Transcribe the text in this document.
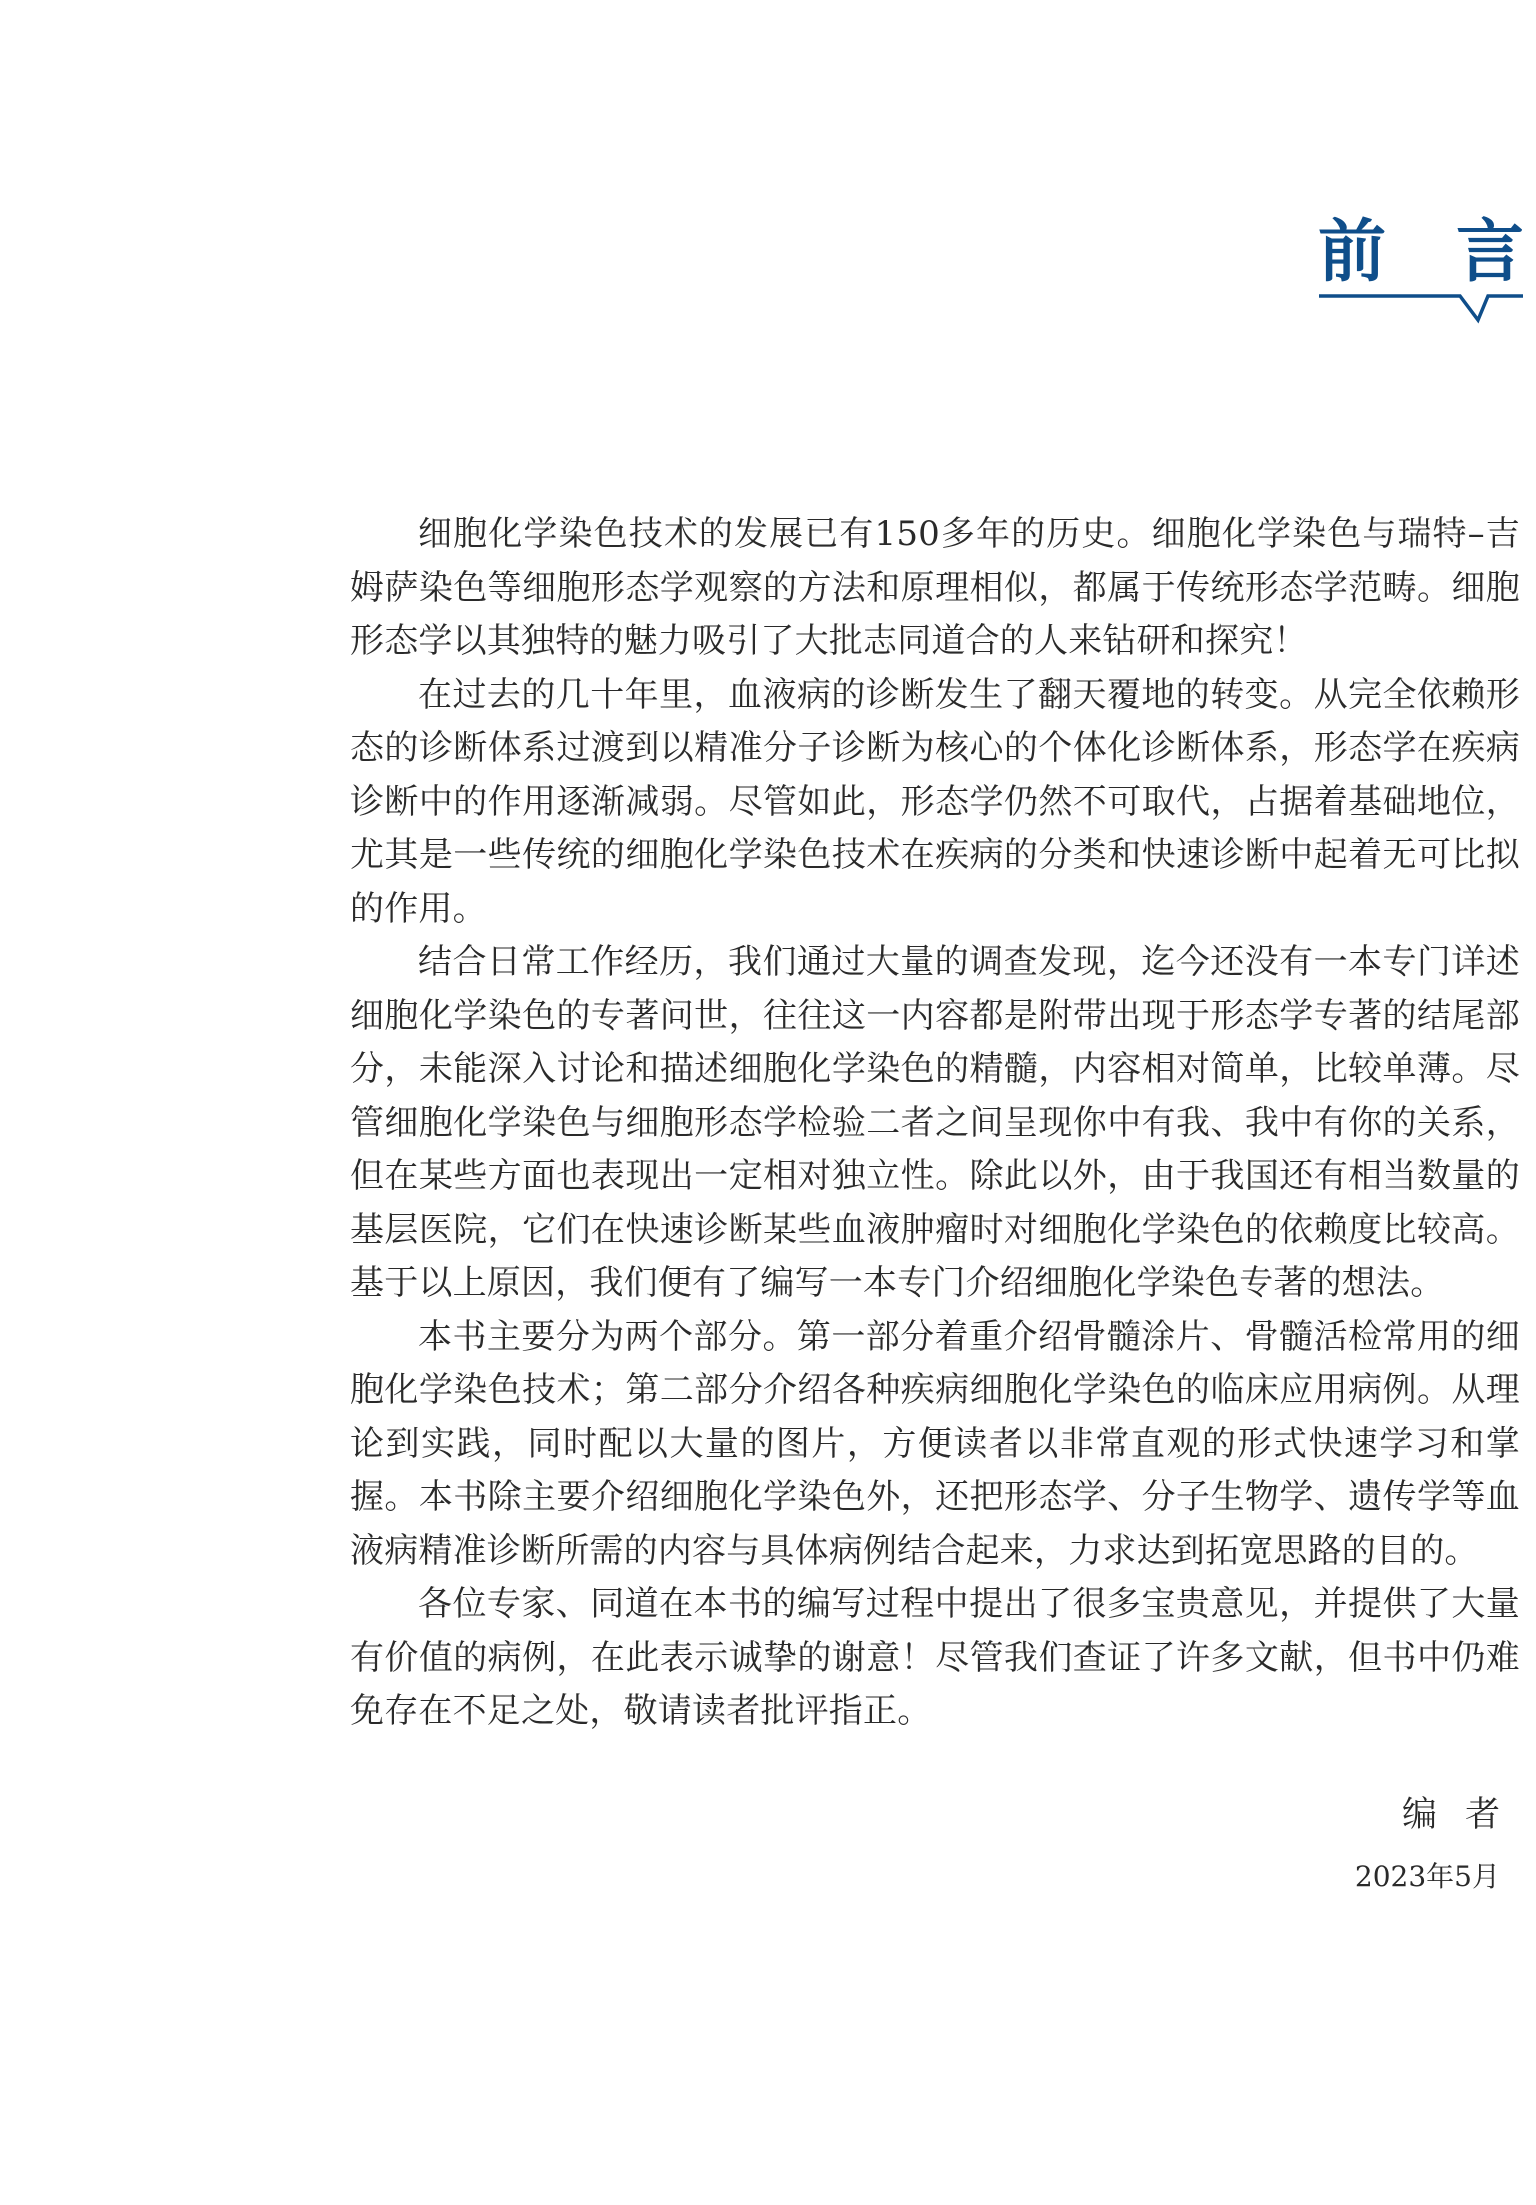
前 言

细胞化学染色技术的发展已有150多年的历史。细胞化学染色与瑞特–吉姆萨染色等细胞形态学观察的方法和原理相似，都属于传统形态学范畴。细胞形态学以其独特的魅力吸引了大批志同道合的人来钻研和探究！

在过去的几十年里，血液病的诊断发生了翻天覆地的转变。从完全依赖形态的诊断体系过渡到以精准分子诊断为核心的个体化诊断体系，形态学在疾病诊断中的作用逐渐减弱。尽管如此，形态学仍然不可取代，占据着基础地位，尤其是一些传统的细胞化学染色技术在疾病的分类和快速诊断中起着无可比拟的作用。

结合日常工作经历，我们通过大量的调查发现，迄今还没有一本专门详述细胞化学染色的专著问世，往往这一内容都是附带出现于形态学专著的结尾部分，未能深入讨论和描述细胞化学染色的精髓，内容相对简单，比较单薄。尽管细胞化学染色与细胞形态学检验二者之间呈现你中有我、我中有你的关系，但在某些方面也表现出一定相对独立性。除此以外，由于我国还有相当数量的基层医院，它们在快速诊断某些血液肿瘤时对细胞化学染色的依赖度比较高。基于以上原因，我们便有了编写一本专门介绍细胞化学染色专著的想法。

本书主要分为两个部分。第一部分着重介绍骨髓涂片、骨髓活检常用的细胞化学染色技术；第二部分介绍各种疾病细胞化学染色的临床应用病例。从理论到实践，同时配以大量的图片，方便读者以非常直观的形式快速学习和掌握。本书除主要介绍细胞化学染色外，还把形态学、分子生物学、遗传学等血液病精准诊断所需的内容与具体病例结合起来，力求达到拓宽思路的目的。

各位专家、同道在本书的编写过程中提出了很多宝贵意见，并提供了大量有价值的病例，在此表示诚挚的谢意！尽管我们查证了许多文献，但书中仍难免存在不足之处，敬请读者批评指正。

编者
2023年5月
